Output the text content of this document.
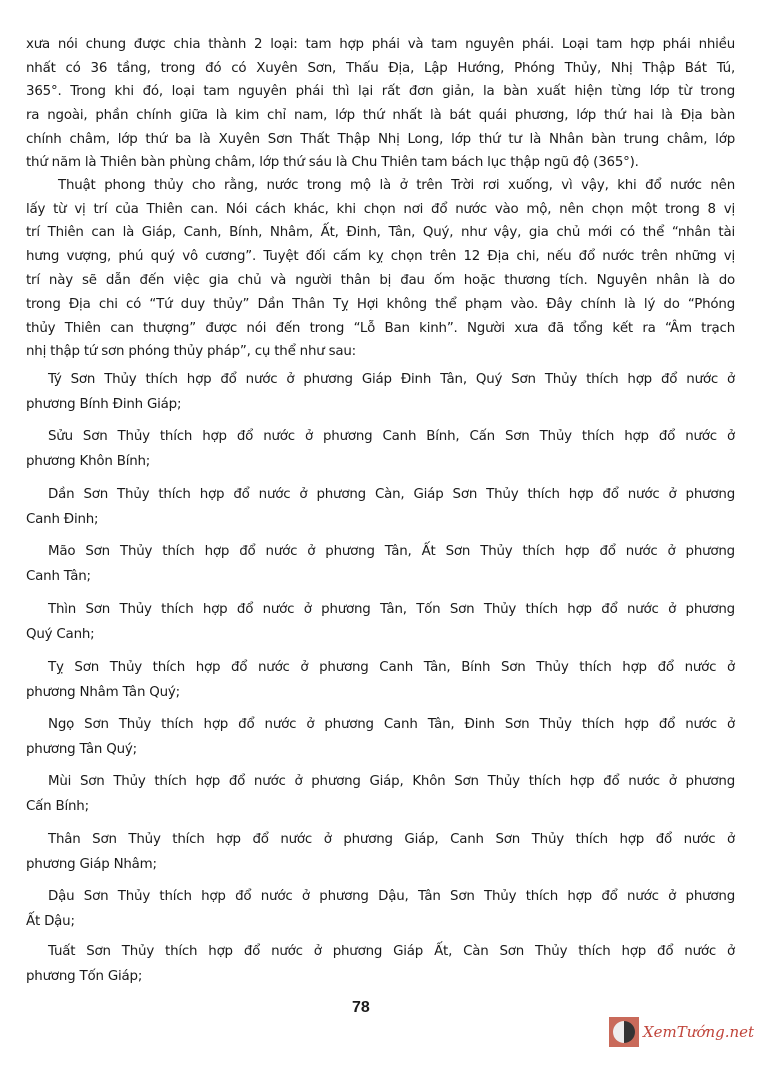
xưa nói chung được chia thành 2 loại: tam hợp phái và tam nguyên phái. Loại tam hợp phái nhiều
nhất có 36 tầng, trong đó có Xuyên Sơn, Thấu Địa, Lập Hướng, Phóng Thủy, Nhị Thập Bát Tú,
365°. Trong khi đó, loại tam nguyên phái thì lại rất đơn giản, la bàn xuất hiện từng lớp từ trong
ra ngoài, phần chính giữa là kim chỉ nam, lớp thứ nhất là bát quái phương, lớp thứ hai là Địa bàn
chính châm, lớp thứ ba là Xuyên Sơn Thất Thập Nhị Long, lớp thứ tư là Nhân bàn trung châm, lớp
thứ năm là Thiên bàn phùng châm, lớp thứ sáu là Chu Thiên tam bách lục thập ngũ độ (365°).
Thuật phong thủy cho rằng, nước trong mộ là ở trên Trời rơi xuống, vì vậy, khi đổ nước nên
lấy từ vị trí của Thiên can. Nói cách khác, khi chọn nơi đổ nước vào mộ, nên chọn một trong 8 vị
trí Thiên can là Giáp, Canh, Bính, Nhâm, Ất, Đinh, Tân, Quý, như vậy, gia chủ mới có thể “nhân tài
hưng vượng, phú quý vô cương”. Tuyệt đối cấm kỵ chọn trên 12 Địa chi, nếu đổ nước trên những vị
trí này sẽ dẫn đến việc gia chủ và người thân bị đau ốm hoặc thương tích. Nguyên nhân là do
trong Địa chi có “Tứ duy thủy” Dần Thân Tỵ Hợi không thể phạm vào. Đây chính là lý do “Phóng
thủy Thiên can thượng” được nói đến trong “Lỗ Ban kinh”. Người xưa đã tổng kết ra “Âm trạch
nhị thập tứ sơn phóng thủy pháp”, cụ thể như sau:
Tý Sơn Thủy thích hợp đổ nước ở phương Giáp Đinh Tân, Quý Sơn Thủy thích hợp đổ nước ở
phương Bính Đinh Giáp;
Sửu Sơn Thủy thích hợp đổ nước ở phương Canh Bính, Cấn Sơn Thủy thích hợp đổ nước ở
phương Khôn Bính;
Dần Sơn Thủy thích hợp đổ nước ở phương Càn, Giáp Sơn Thủy thích hợp đổ nước ở phương
Canh Đinh;
Mão Sơn Thủy thích hợp đổ nước ở phương Tân, Ất Sơn Thủy thích hợp đổ nước ở phương
Canh Tân;
Thìn Sơn Thủy thích hợp đổ nước ở phương Tân, Tốn Sơn Thủy thích hợp đổ nước ở phương
Quý Canh;
Tỵ Sơn Thủy thích hợp đổ nước ở phương Canh Tân, Bính Sơn Thủy thích hợp đổ nước ở
phương Nhâm Tân Quý;
Ngọ Sơn Thủy thích hợp đổ nước ở phương Canh Tân, Đinh Sơn Thủy thích hợp đổ nước ở
phương Tân Quý;
Mùi Sơn Thủy thích hợp đổ nước ở phương Giáp, Khôn Sơn Thủy thích hợp đổ nước ở phương
Cấn Bính;
Thân Sơn Thủy thích hợp đổ nước ở phương Giáp, Canh Sơn Thủy thích hợp đổ nước ở
phương Giáp Nhâm;
Dậu Sơn Thủy thích hợp đổ nước ở phương Dậu, Tân Sơn Thủy thích hợp đổ nước ở phương
Ất Dậu;
Tuất Sơn Thủy thích hợp đổ nước ở phương Giáp Ất, Càn Sơn Thủy thích hợp đổ nước ở
phương Tốn Giáp;
78
XemTướng.net
